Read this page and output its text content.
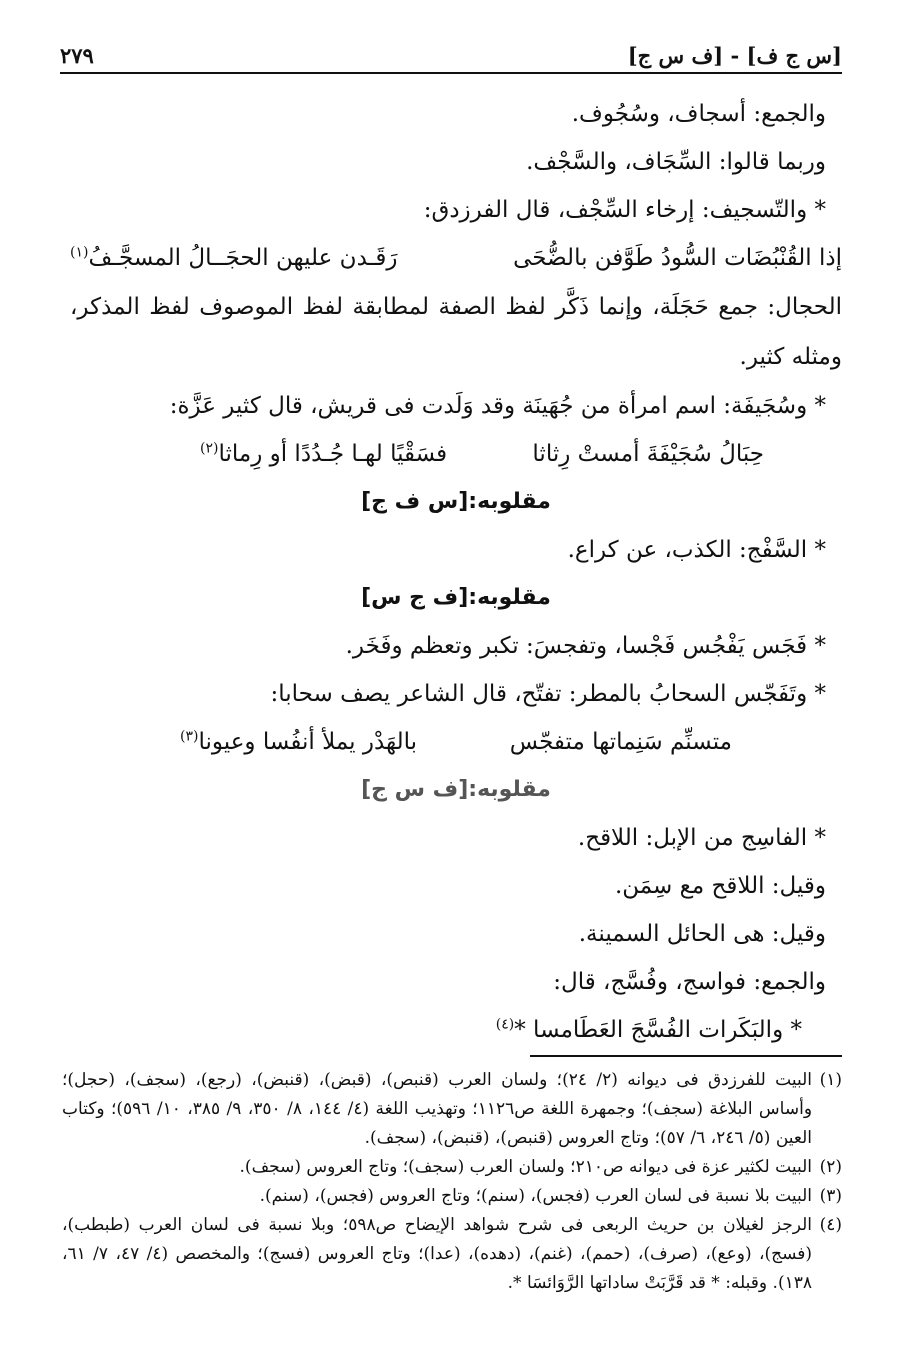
[س ج ف] - [ف س ج]
٢٧٩

والجمع: أسجاف، وسُجُوف.

وربما قالوا: السِّجَاف، والسَّجْف.

* والتّسجيف: إرخاء السِّجْف، قال الفرزدق:

إذا القُنْبُضَات السُّودُ طَوَّفن بالضُّحَى
رَقَـدن عليهن الحجَــالُ المسجَّـفُ$^{(١)}$

الحجال: جمع حَجَلَة، وإنما ذَكَّر لفظ الصفة لمطابقة لفظ الموصوف لفظ المذكر، ومثله كثير.

* وسُجَيفَة: اسم امرأة من جُهَينَة وقد وَلَدت فى قريش، قال كثير عَزَّة:

حِبَالُ سُجَيْفَةَ أمستْ رِثاثا
فسَقْيًا لهـا جُـدُدًا أو رِماثا$^{(٢)}$

مقلوبه:[س ف ج]

* السَّفْج: الكذب، عن كراع.

مقلوبه:[ف ج س]

* فَجَس يَفْجُس فَجْسا، وتفجسَ: تكبر وتعظم وفَخَر.

* وتَفَجّس السحابُ بالمطر: تفتّح، قال الشاعر يصف سحابا:

متسنِّم سَنِماتها متفجّس
بالهَدْر يملأ أنفُسا وعيونا$^{(٣)}$

مقلوبه:[ف س ج]

* الفاسِج من الإبل: اللاقح.

وقيل: اللاقح مع سِمَن.

وقيل: هى الحائل السمينة.

والجمع: فواسج، وفُسَّج، قال:

* والبَكَرات الفُسَّجَ العَطَامسا *$^{(٤)}$

(١)البيت للفرزدق فى ديوانه (٢/ ٢٤)؛ ولسان العرب (قنبص)، (قبض)، (قنبض)، (رجع)، (سجف)، (حجل)؛ وأساس البلاغة (سجف)؛ وجمهرة اللغة ص١١٢٦؛ وتهذيب اللغة (٤/ ١٤٤، ٨/ ٣٥٠، ٩/ ٣٨٥، ١٠/ ٥٩٦)؛ وكتاب العين (٥/ ٢٤٦، ٦/ ٥٧)؛ وتاج العروس (قنبص)، (قنبض)، (سجف).

(٢)البيت لكثير عزة فى ديوانه ص٢١٠؛ ولسان العرب (سجف)؛ وتاج العروس (سجف).

(٣)البيت بلا نسبة فى لسان العرب (فجس)، (سنم)؛ وتاج العروس (فجس)، (سنم).

(٤)الرجز لغيلان بن حريث الربعى فى شرح شواهد الإيضاح ص٥٩٨؛ وبلا نسبة فى لسان العرب (طبطب)، (فسج)، (وعع)، (صرف)، (حمم)، (غنم)، (دهده)، (عدا)؛ وتاج العروس (فسج)؛ والمخصص (٤/ ٤٧، ٧/ ٦١، ١٣٨). وقبله: * قد قَرَّبَتْ ساداتها الرَّوَائسَا *.
